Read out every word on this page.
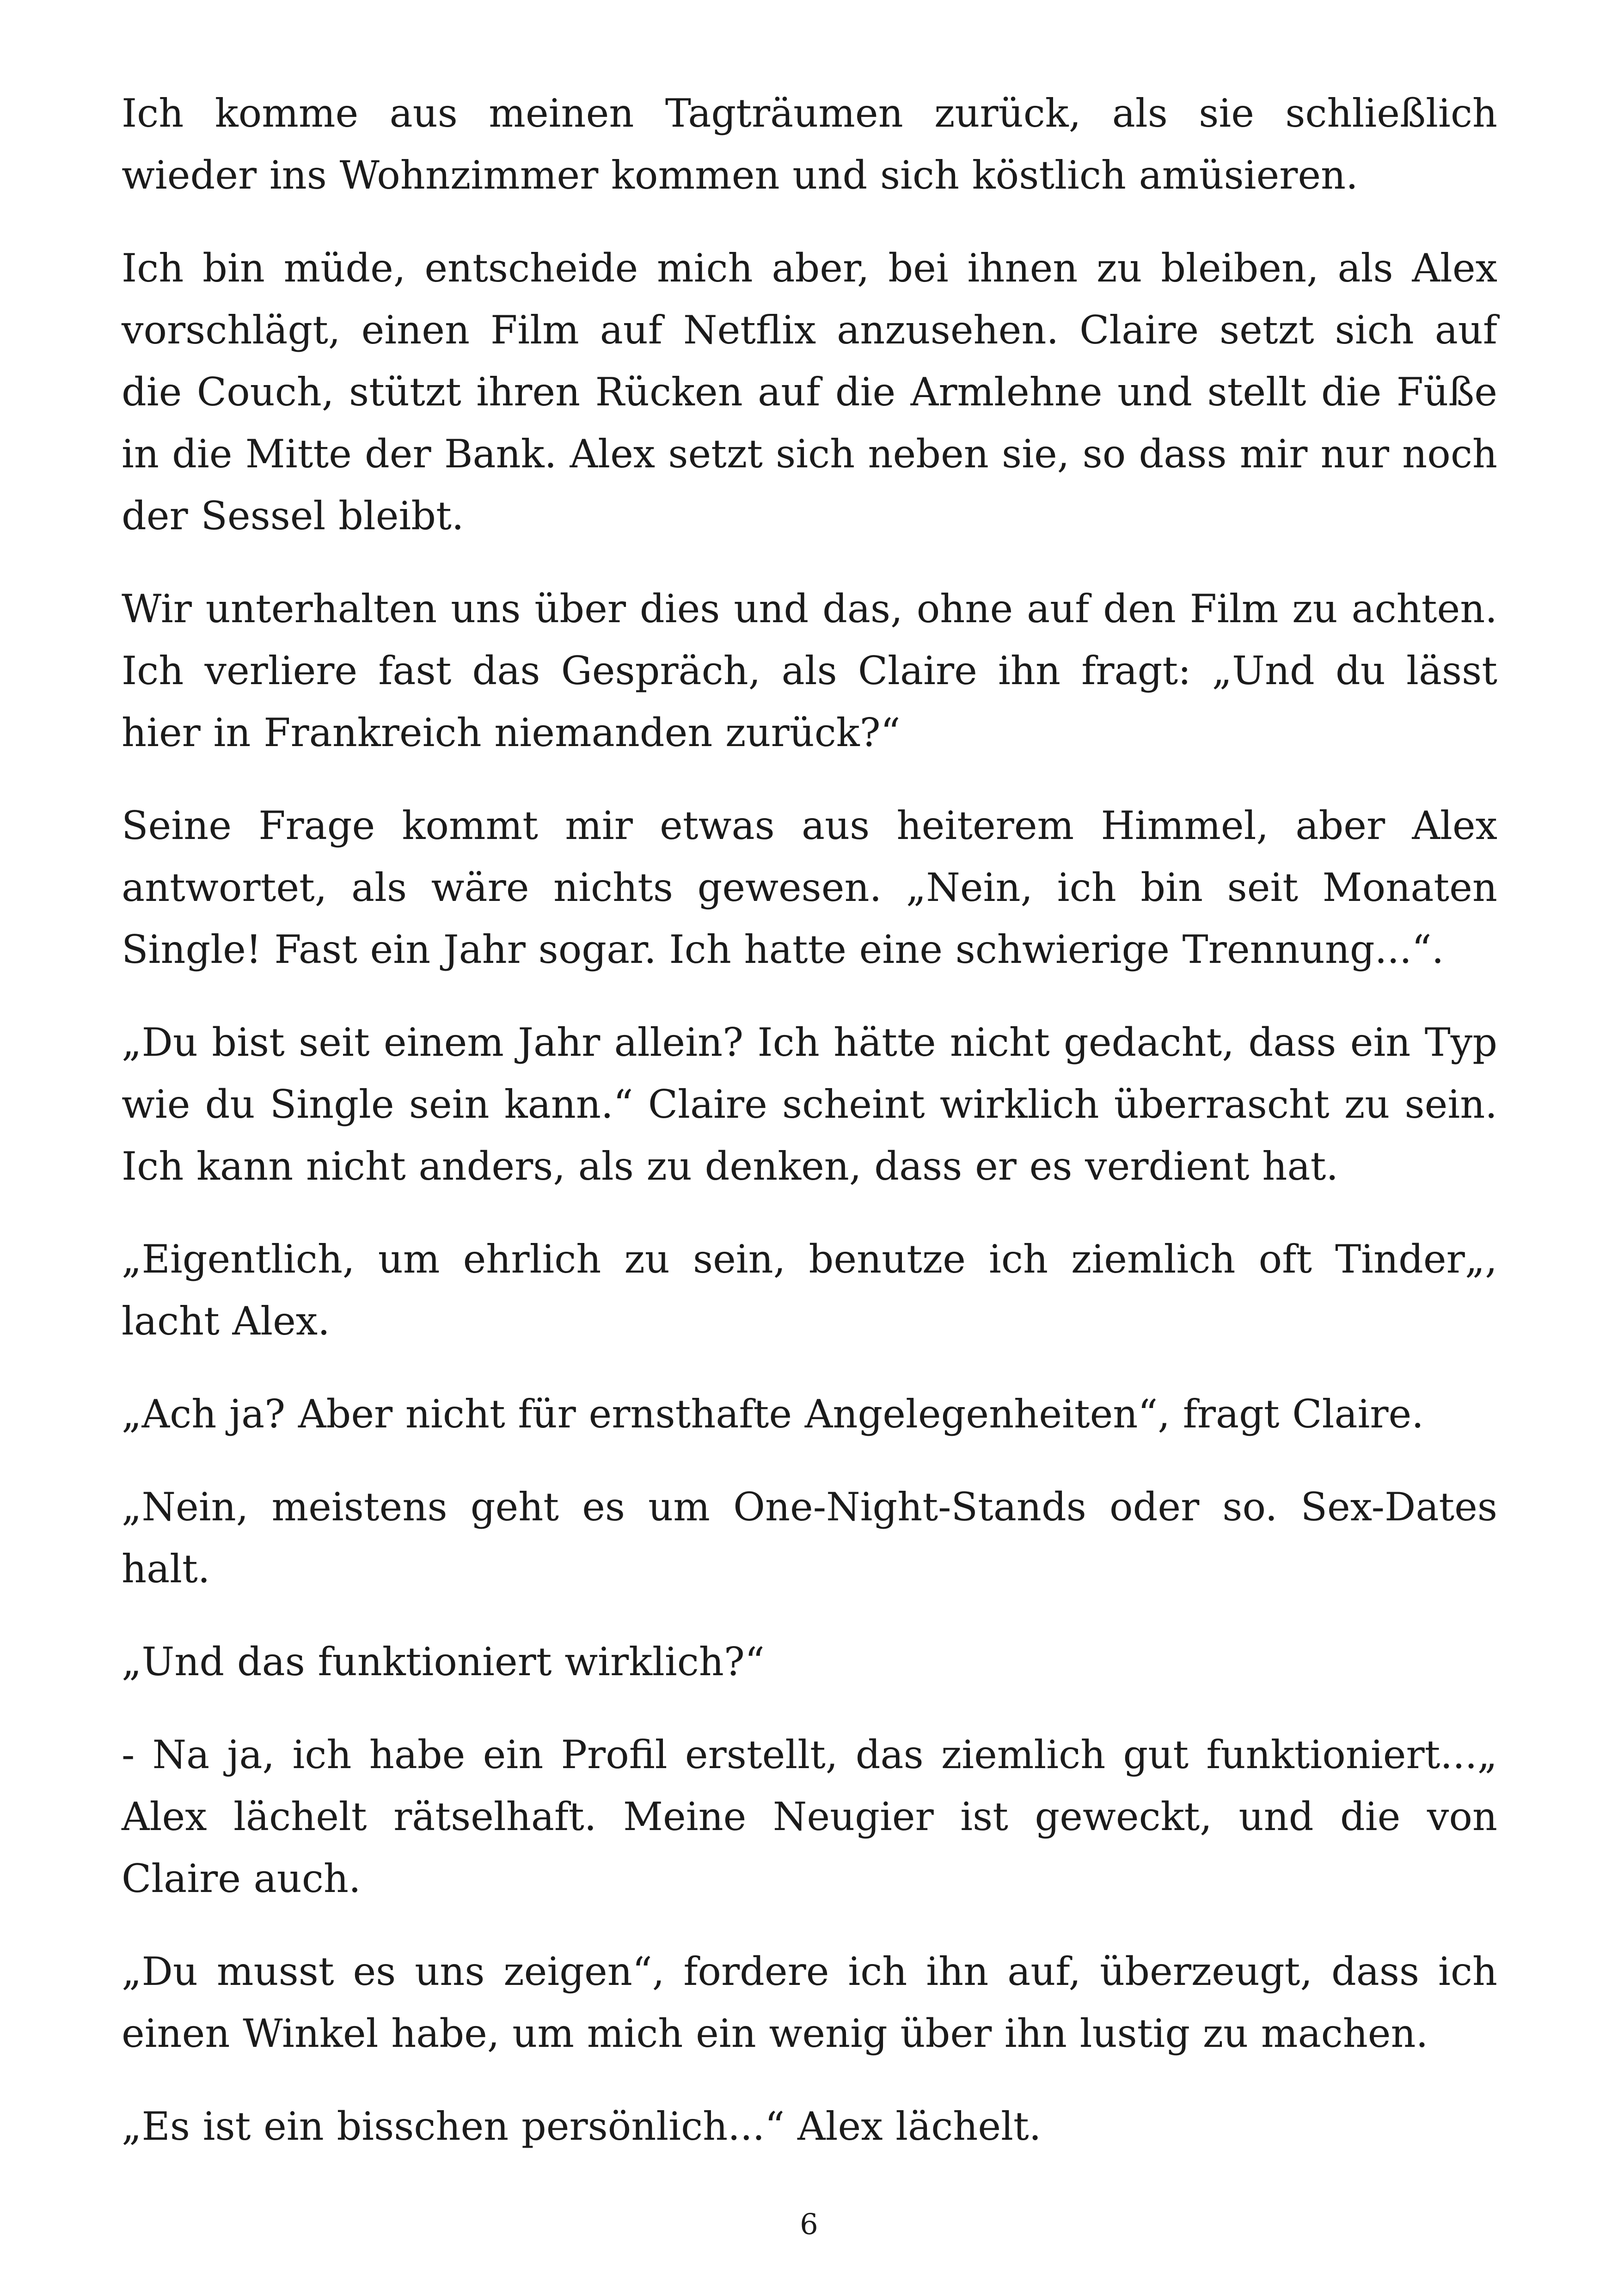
Ich komme aus meinen Tagträumen zurück, als sie schließlich wieder ins Wohnzimmer kommen und sich köstlich amüsieren.

Ich bin müde, entscheide mich aber, bei ihnen zu bleiben, als Alex vorschlägt, einen Film auf Netflix anzusehen. Claire setzt sich auf die Couch, stützt ihren Rücken auf die Armlehne und stellt die Füße in die Mitte der Bank. Alex setzt sich neben sie, so dass mir nur noch der Sessel bleibt.

Wir unterhalten uns über dies und das, ohne auf den Film zu achten. Ich verliere fast das Gespräch, als Claire ihn fragt: „Und du lässt hier in Frankreich niemanden zurück?“

Seine Frage kommt mir etwas aus heiterem Himmel, aber Alex antwortet, als wäre nichts gewesen. „Nein, ich bin seit Monaten Single! Fast ein Jahr sogar. Ich hatte eine schwierige Trennung...“.

„Du bist seit einem Jahr allein? Ich hätte nicht gedacht, dass ein Typ wie du Single sein kann.“ Claire scheint wirklich überrascht zu sein. Ich kann nicht anders, als zu denken, dass er es verdient hat.

„Eigentlich, um ehrlich zu sein, benutze ich ziemlich oft Tinder„, lacht Alex.

„Ach ja? Aber nicht für ernsthafte Angelegenheiten“, fragt Claire.

„Nein, meistens geht es um One-Night-Stands oder so. Sex-Dates halt.

„Und das funktioniert wirklich?“

- Na ja, ich habe ein Profil erstellt, das ziemlich gut funktioniert...„ Alex lächelt rätselhaft. Meine Neugier ist geweckt, und die von Claire auch.

„Du musst es uns zeigen“, fordere ich ihn auf, überzeugt, dass ich einen Winkel habe, um mich ein wenig über ihn lustig zu machen.

„Es ist ein bisschen persönlich...“ Alex lächelt.

6
